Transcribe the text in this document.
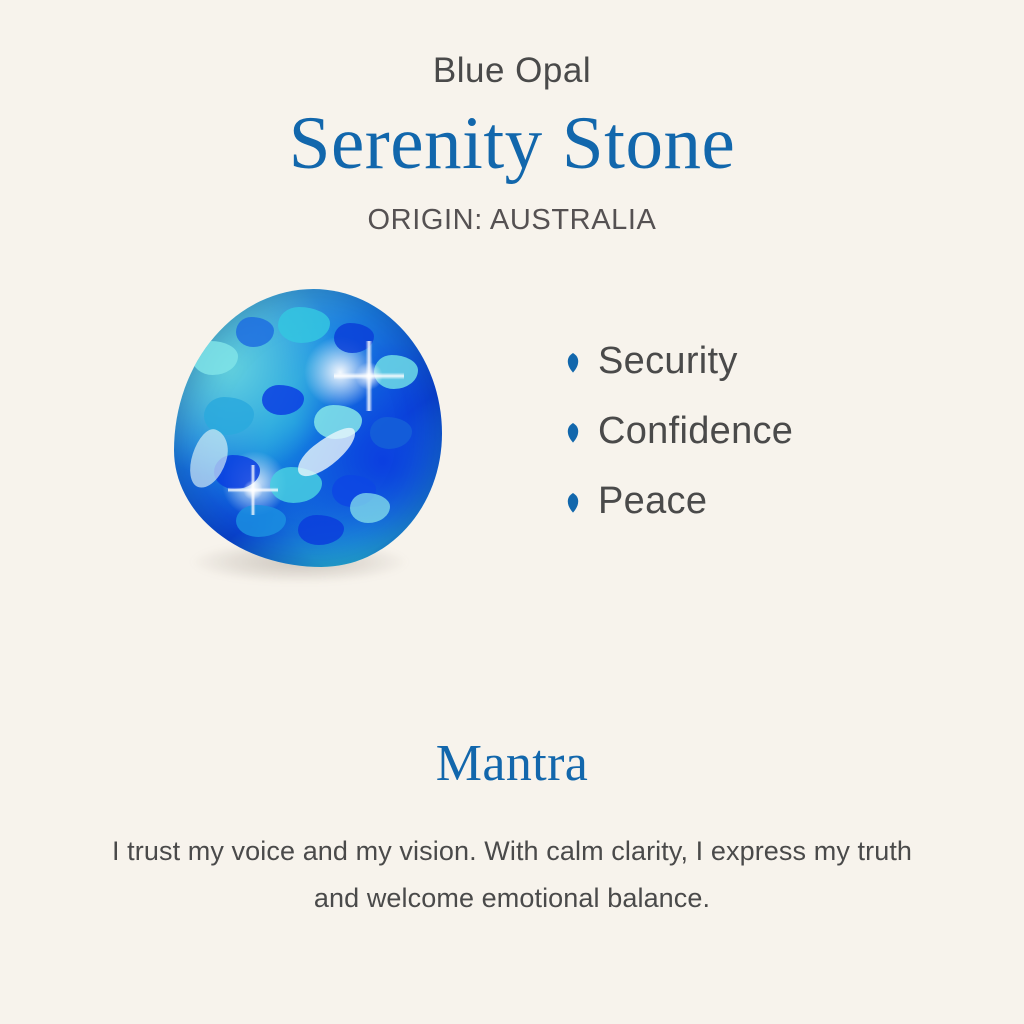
Blue Opal
Serenity Stone
ORIGIN: AUSTRALIA
Security
Confidence
Peace
Mantra
I trust my voice and my vision. With calm clarity, I express my truth and welcome emotional balance.
